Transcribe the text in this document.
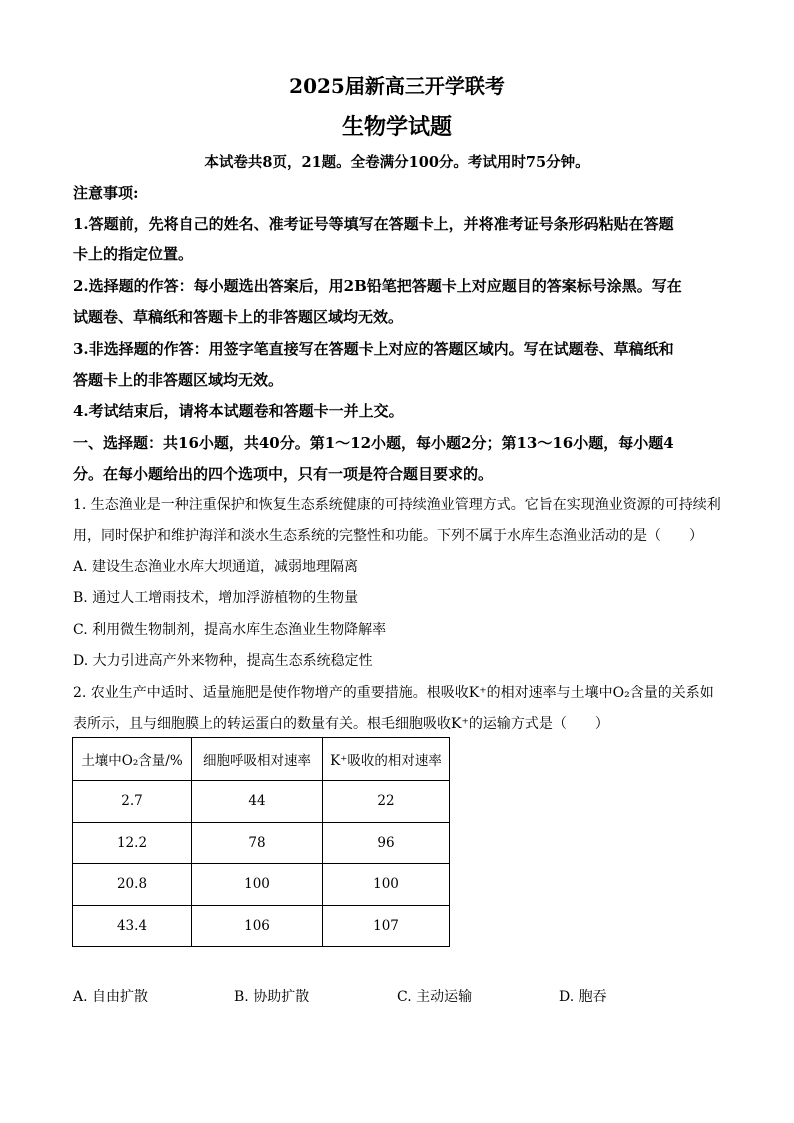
2025届新高三开学联考
生物学试题
本试卷共8页，21题。全卷满分100分。考试用时75分钟。
注意事项:
1.答题前，先将自己的姓名、准考证号等填写在答题卡上，并将准考证号条形码粘贴在答题
卡上的指定位置。
2.选择题的作答：每小题选出答案后，用2B铅笔把答题卡上对应题目的答案标号涂黑。写在
试题卷、草稿纸和答题卡上的非答题区域均无效。
3.非选择题的作答：用签字笔直接写在答题卡上对应的答题区域内。写在试题卷、草稿纸和
答题卡上的非答题区域均无效。
4.考试结束后，请将本试题卷和答题卡一并上交。
一、选择题：共16小题，共40分。第1～12小题，每小题2分；第13～16小题，每小题4
分。在每小题给出的四个选项中，只有一项是符合题目要求的。
1. 生态渔业是一种注重保护和恢复生态系统健康的可持续渔业管理方式。它旨在实现渔业资源的可持续利
用，同时保护和维护海洋和淡水生态系统的完整性和功能。下列不属于水库生态渔业活动的是（　　）
A. 建设生态渔业水库大坝通道，减弱地理隔离
B. 通过人工增雨技术，增加浮游植物的生物量
C. 利用微生物制剂，提高水库生态渔业生物降解率
D. 大力引进高产外来物种，提高生态系统稳定性
2. 农业生产中适时、适量施肥是使作物增产的重要措施。根吸收K⁺的相对速率与土壤中O₂含量的关系如
表所示，且与细胞膜上的转运蛋白的数量有关。根毛细胞吸收K⁺的运输方式是（　　）
土壤中O₂含量/%	细胞呼吸相对速率	K⁺吸收的相对速率
2.7	44	22
12.2	78	96
20.8	100	100
43.4	106	107
A. 自由扩散	B. 协助扩散	C. 主动运输	D. 胞吞
